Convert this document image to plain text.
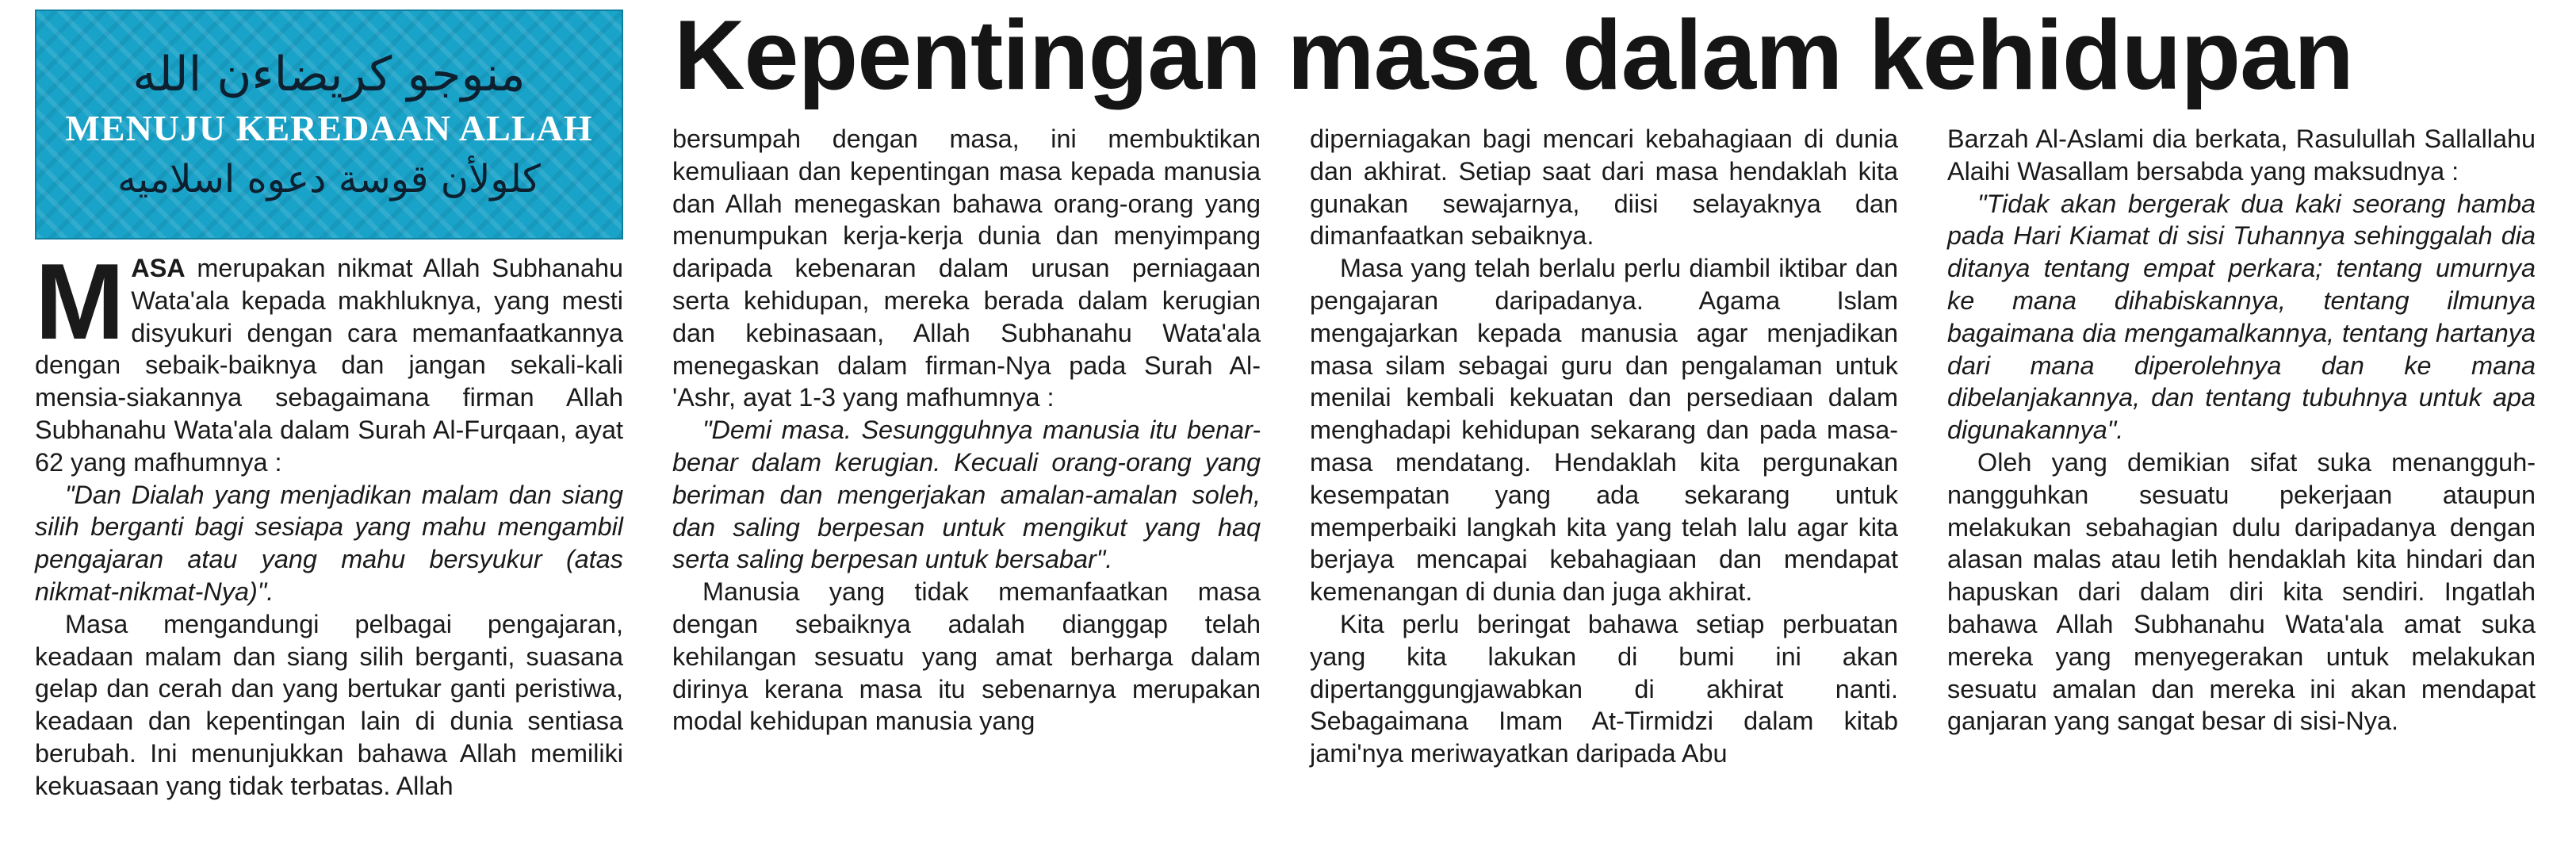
منوجو كريضاءن الله
MENUJU KEREDAAN ALLAH
كلولأن قوسة دعوه اسلاميه
Kepentingan masa dalam kehidupan

MASA merupakan nikmat Allah Subhanahu Wata'ala kepada makhluknya, yang mesti disyukuri dengan cara memanfaatkannya dengan sebaik-baiknya dan jangan sekali-kali mensia-siakannya sebagaimana firman Allah Subhanahu Wata'ala dalam Surah Al-Furqaan, ayat 62 yang mafhumnya :

"Dan Dialah yang menjadikan malam dan siang silih berganti bagi sesiapa yang mahu mengambil pengajaran atau yang mahu bersyukur (atas nikmat-nikmat-Nya)".

Masa mengandungi pelbagai pengajaran, keadaan malam dan siang silih berganti, suasana gelap dan cerah dan yang bertukar ganti peristiwa, keadaan dan kepentingan lain di dunia sentiasa berubah. Ini menunjukkan bahawa Allah memiliki kekuasaan yang tidak terbatas. Allah

bersumpah dengan masa, ini membuktikan kemuliaan dan kepentingan masa kepada manusia dan Allah menegaskan bahawa orang-orang yang menumpukan kerja-kerja dunia dan menyimpang daripada kebenaran dalam urusan perniagaan serta kehidupan, mereka berada dalam kerugian dan kebinasaan, Allah Subhanahu Wata'ala menegaskan dalam firman-Nya pada Surah Al-'Ashr, ayat 1-3 yang mafhumnya :

"Demi masa. Sesungguhnya manusia itu benar-benar dalam kerugian. Kecuali orang-orang yang beriman dan mengerjakan amalan-amalan soleh, dan saling berpesan untuk mengikut yang haq serta saling berpesan untuk bersabar".

Manusia yang tidak memanfaatkan masa dengan sebaiknya adalah dianggap telah kehilangan sesuatu yang amat berharga dalam dirinya kerana masa itu sebenarnya merupakan modal kehidupan manusia yang

diperniagakan bagi mencari kebahagiaan di dunia dan akhirat. Setiap saat dari masa hendaklah kita gunakan sewajarnya, diisi selayaknya dan dimanfaatkan sebaiknya.

Masa yang telah berlalu perlu diambil iktibar dan pengajaran daripadanya. Agama Islam mengajarkan kepada manusia agar menjadikan masa silam sebagai guru dan pengalaman untuk menilai kembali kekuatan dan persediaan dalam menghadapi kehidupan sekarang dan pada masa-masa mendatang. Hendaklah kita pergunakan kesempatan yang ada sekarang untuk memperbaiki langkah kita yang telah lalu agar kita berjaya mencapai kebahagiaan dan mendapat kemenangan di dunia dan juga akhirat.

Kita perlu beringat bahawa setiap perbuatan yang kita lakukan di bumi ini akan dipertanggungjawabkan di akhirat nanti. Sebagaimana Imam At-Tirmidzi dalam kitab jami'nya meriwayatkan daripada Abu

Barzah Al-Aslami dia berkata, Rasulullah Sallallahu Alaihi Wasallam bersabda yang maksudnya :

"Tidak akan bergerak dua kaki seorang hamba pada Hari Kiamat di sisi Tuhannya sehinggalah dia ditanya tentang empat perkara; tentang umurnya ke mana dihabiskannya, tentang ilmunya bagaimana dia mengamalkannya, tentang hartanya dari mana diperolehnya dan ke mana dibelanjakannya, dan tentang tubuhnya untuk apa digunakannya".

Oleh yang demikian sifat suka menangguh-nangguhkan sesuatu pekerjaan ataupun melakukan sebahagian dulu daripadanya dengan alasan malas atau letih hendaklah kita hindari dan hapuskan dari dalam diri kita sendiri. Ingatlah bahawa Allah Subhanahu Wata'ala amat suka mereka yang menyegerakan untuk melakukan sesuatu amalan dan mereka ini akan mendapat ganjaran yang sangat besar di sisi-Nya.
